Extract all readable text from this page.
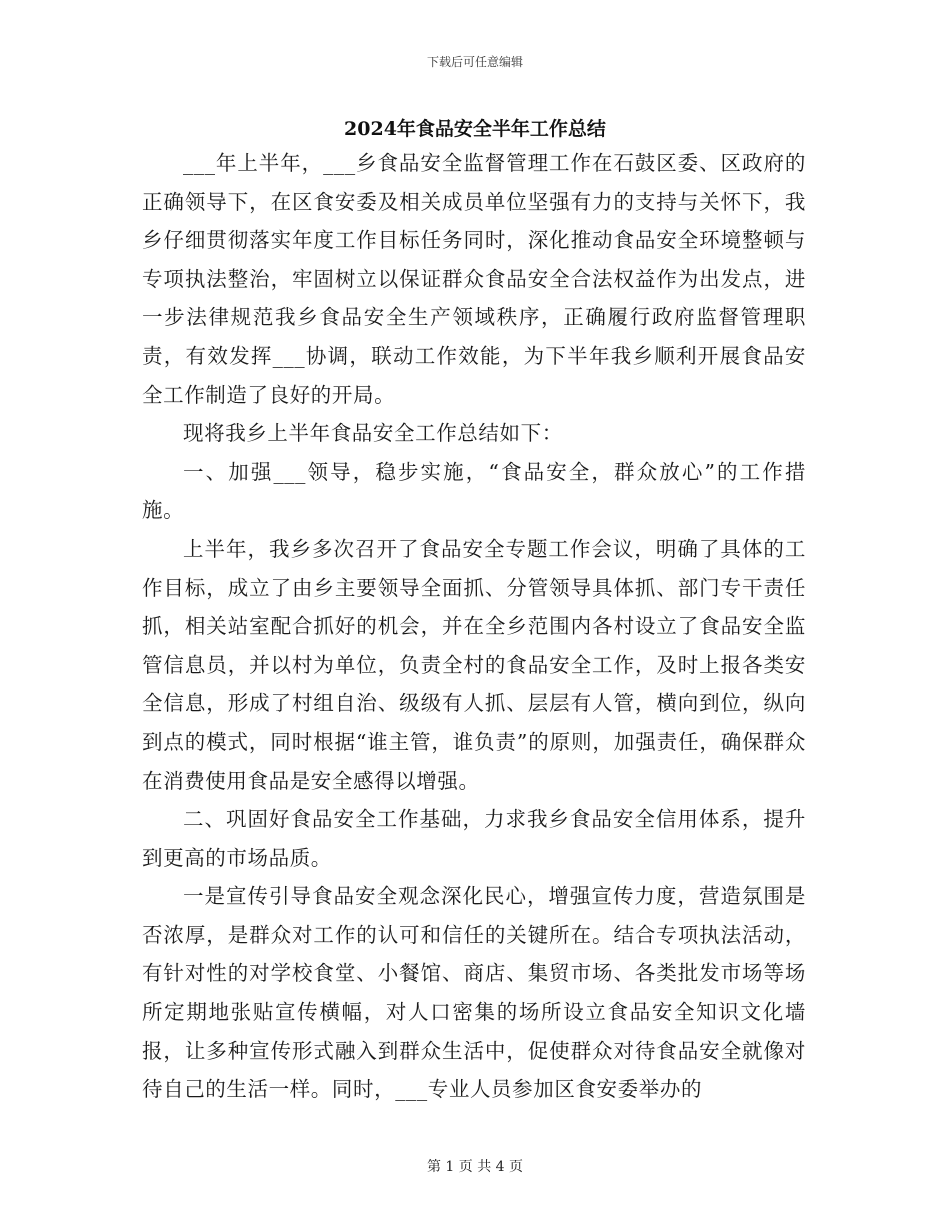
下载后可任意编辑
2024年食品安全半年工作总结

___年上半年，___乡食品安全监督管理工作在石鼓区委、区政府的正确领导下，在区食安委及相关成员单位坚强有力的支持与关怀下，我乡仔细贯彻落实年度工作目标任务同时，深化推动食品安全环境整顿与专项执法整治，牢固树立以保证群众食品安全合法权益作为出发点，进一步法律规范我乡食品安全生产领域秩序，正确履行政府监督管理职责，有效发挥___协调，联动工作效能，为下半年我乡顺利开展食品安全工作制造了良好的开局。

现将我乡上半年食品安全工作总结如下：

一、加强___领导，稳步实施，“食品安全，群众放心”的工作措施。

上半年，我乡多次召开了食品安全专题工作会议，明确了具体的工作目标，成立了由乡主要领导全面抓、分管领导具体抓、部门专干责任抓，相关站室配合抓好的机会，并在全乡范围内各村设立了食品安全监管信息员，并以村为单位，负责全村的食品安全工作，及时上报各类安全信息，形成了村组自治、级级有人抓、层层有人管，横向到位，纵向到点的模式，同时根据“谁主管，谁负责”的原则，加强责任，确保群众在消费使用食品是安全感得以增强。

二、巩固好食品安全工作基础，力求我乡食品安全信用体系，提升到更高的市场品质。

一是宣传引导食品安全观念深化民心，增强宣传力度，营造氛围是否浓厚，是群众对工作的认可和信任的关键所在。结合专项执法活动，有针对性的对学校食堂、小餐馆、商店、集贸市场、各类批发市场等场所定期地张贴宣传横幅，对人口密集的场所设立食品安全知识文化墙报，让多种宣传形式融入到群众生活中，促使群众对待食品安全就像对待自己的生活一样。同时，___专业人员参加区食安委举办的

第 1 页 共 4 页
